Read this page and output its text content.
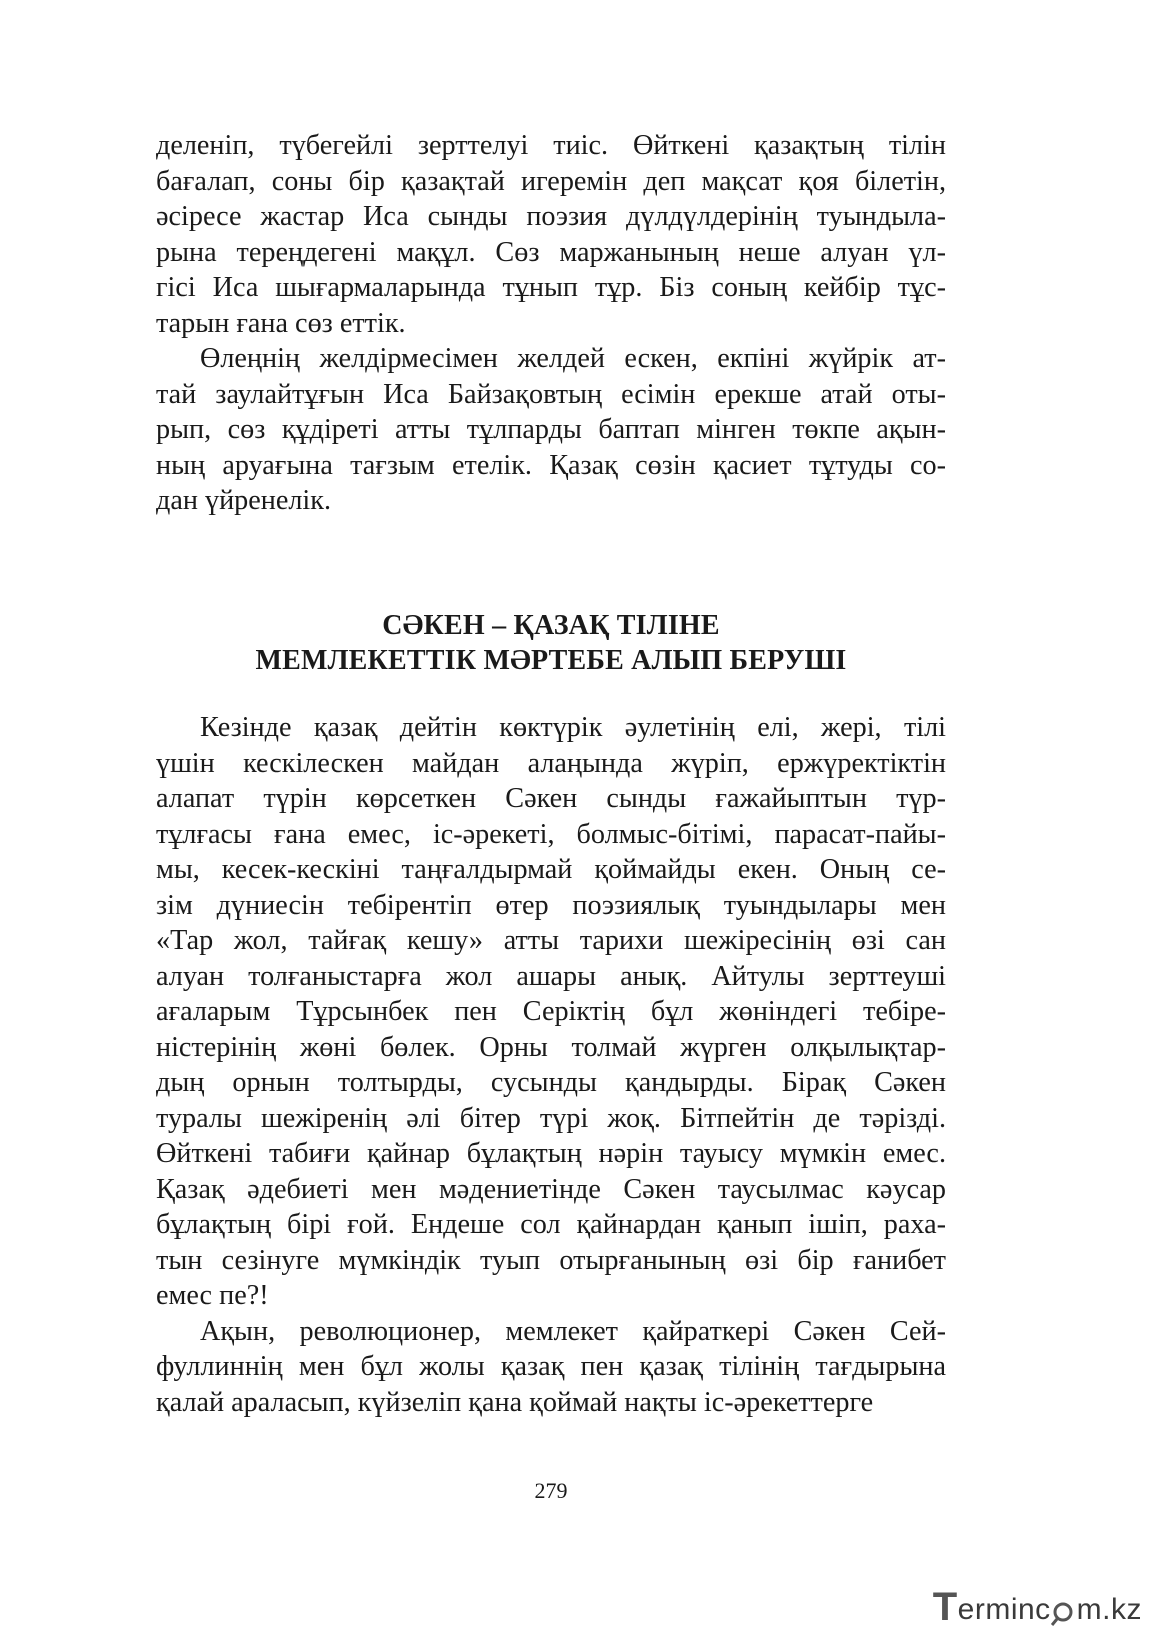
деленіп, түбегейлі зерттелуі тиіс. Өйткені қазақтың тілін
бағалап, соны бір қазақтай игеремін деп мақсат қоя білетін,
әсіресе жастар Иса сынды поэзия дүлдүлдерінің туындыла-
рына тереңдегені мақұл. Сөз маржанының неше алуан үл-
гісі Иса шығармаларында тұнып тұр. Біз соның кейбір тұс-
тарын ғана сөз еттік.

Өлеңнің желдірмесімен желдей ескен, екпіні жүйрік ат-
тай заулайтұғын Иса Байзақовтың есімін ерекше атай оты-
рып, сөз құдіреті атты тұлпарды баптап мінген төкпе ақын-
ның аруағына тағзым етелік. Қазақ сөзін қасиет тұтуды со-
дан үйренелік.

СӘКЕН – ҚАЗАҚ ТІЛІНЕ

МЕМЛЕКЕТТІК МӘРТЕБЕ АЛЫП БЕРУШІ

Кезінде қазақ дейтін көктүрік әулетінің елі, жері, тілі
үшін кескілескен майдан алаңында жүріп, ержүректіктін
алапат түрін көрсеткен Сәкен сынды ғажайыптын түр-
тұлғасы ғана емес, іс-әрекеті, болмыс-бітімі, парасат-пайы-
мы, кесек-кескіні таңғалдырмай қоймайды екен. Оның се-
зім дүниесін тебірентіп өтер поэзиялық туындылары мен
«Тар жол, тайғақ кешу» атты тарихи шежіресінің өзі сан
алуан толғаныстарға жол ашары анық. Айтулы зерттеуші
ағаларым Тұрсынбек пен Сеpіктің бұл жөніндегі тебіре-
ністерінің жөні бөлек. Орны толмай жүрген олқылықтар-
дың орнын толтырды, сусынды қандырды. Бірақ Сәкен
туралы шежіренің әлі бітер түрі жоқ. Бітпейтін де тәрізді.
Өйткені табиғи қайнар бұлақтың нәрін тауысу мүмкін емес.
Қазақ әдебиеті мен мәдениетінде Сәкен таусылмас кәусар
бұлақтың бірі ғой. Ендеше сол қайнардан қанып ішіп, раха-
тын сезінуге мүмкіндік туып отырғанының өзі бір ғанибет
емес пе?!

Ақын, революционер, мемлекет қайраткері Сәкен Сей-
фуллиннің мен бұл жолы қазақ пен қазақ тілінің тағдырына
қалай араласып, күйзеліп қана қоймай нақты іс-әрекеттерге

279
T erminc m.kz
